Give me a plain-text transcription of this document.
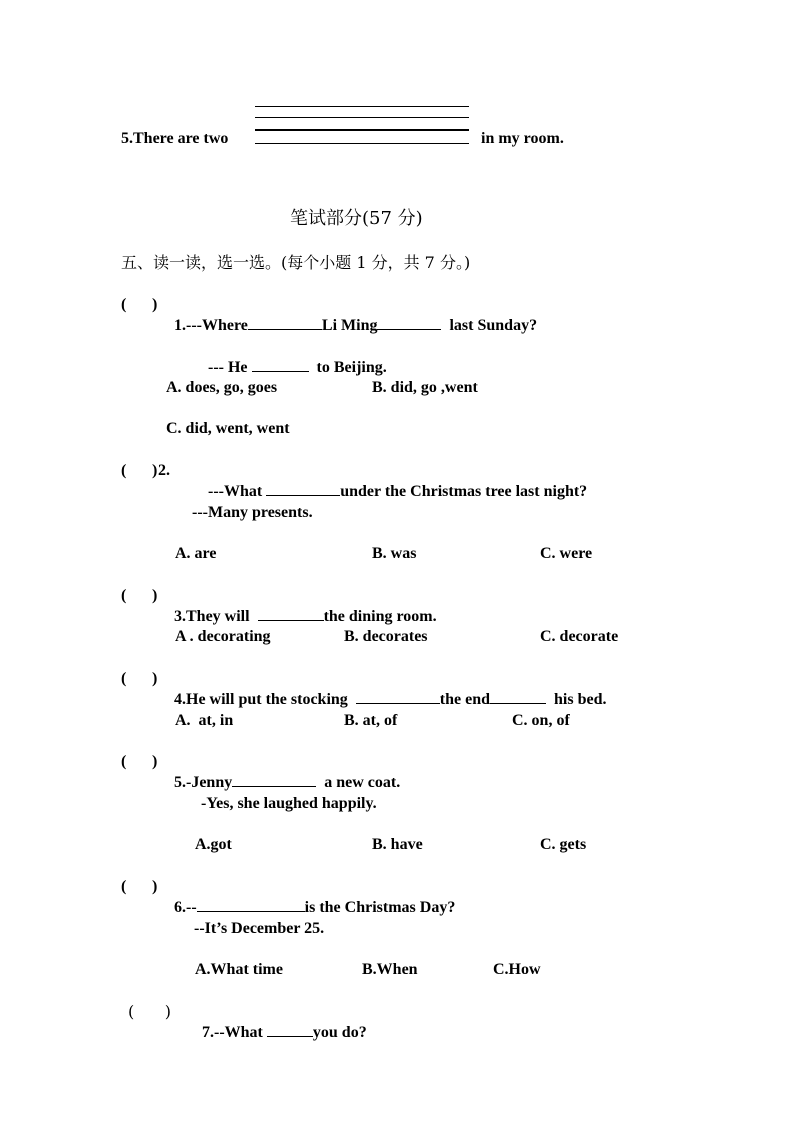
5.There are two	in my room.
笔试部分(57 分)
五、读一读，选一选。(每个小题 1 分，共 7 分。)
( )

1.---Where	Li Ming	last Sunday?

--- He	to Beijing.

A. does, go, goes	B. did, go ,went
C. did, went, went
( ) 2.

---What	under the Christmas tree last night?

---Many presents.
A. are	B. was	C. were
( )

3.They will	the dining room.

A . decorating	B. decorates	C. decorate
( )

4.He will put the stocking	the end	his bed.

A.  at, in	B. at, of	C. on, of
( )

5.-Jenny	a new coat.

-Yes, she laughed happily.
A.got	B. have	C. gets
( )

6.--	is the Christmas Day?

--It’s December 25.
A.What time	B.When	C.How
(      )

7.--What	you do?
